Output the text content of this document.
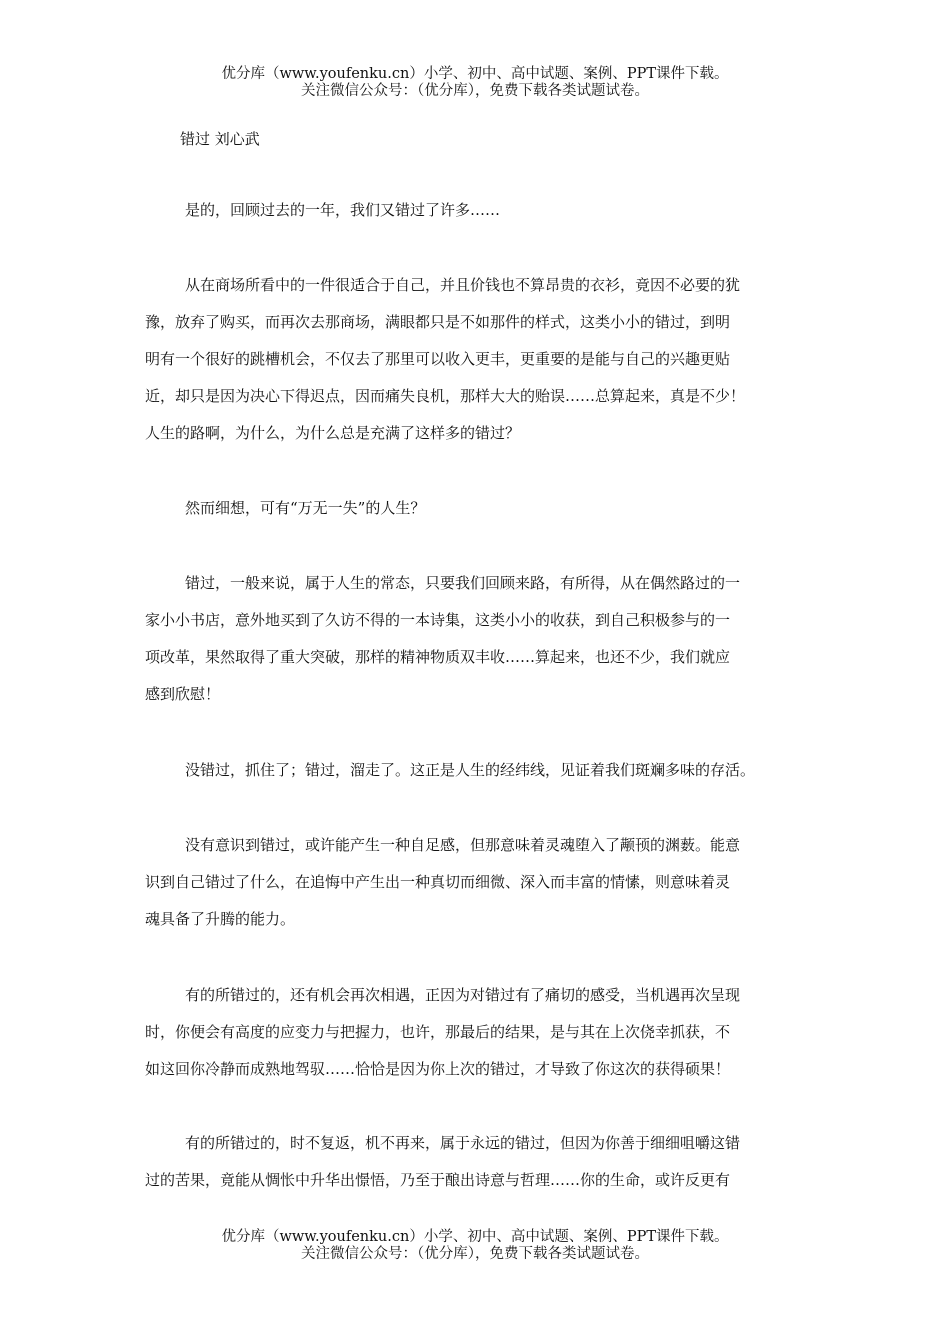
优分库（www.youfenku.cn）小学、初中、高中试题、案例、PPT课件下载。
关注微信公众号：（优分库），免费下载各类试题试卷。
错过 刘心武
是的，回顾过去的一年，我们又错过了许多……
从在商场所看中的一件很适合于自己，并且价钱也不算昂贵的衣衫，竟因不必要的犹
豫，放弃了购买，而再次去那商场，满眼都只是不如那件的样式，这类小小的错过，到明
明有一个很好的跳槽机会，不仅去了那里可以收入更丰，更重要的是能与自己的兴趣更贴
近，却只是因为决心下得迟点，因而痛失良机，那样大大的贻误……总算起来，真是不少！
人生的路啊，为什么，为什么总是充满了这样多的错过？
然而细想，可有“万无一失”的人生？
错过，一般来说，属于人生的常态，只要我们回顾来路，有所得，从在偶然路过的一
家小小书店，意外地买到了久访不得的一本诗集，这类小小的收获，到自己积极参与的一
项改革，果然取得了重大突破，那样的精神物质双丰收……算起来，也还不少，我们就应
感到欣慰！
没错过，抓住了；错过，溜走了。这正是人生的经纬线，见证着我们斑斓多味的存活。
没有意识到错过，或许能产生一种自足感，但那意味着灵魂堕入了颟顸的渊薮。能意
识到自己错过了什么，在追悔中产生出一种真切而细微、深入而丰富的情愫，则意味着灵
魂具备了升腾的能力。
有的所错过的，还有机会再次相遇，正因为对错过有了痛切的感受，当机遇再次呈现
时，你便会有高度的应变力与把握力，也许，那最后的结果，是与其在上次侥幸抓获，不
如这回你冷静而成熟地驾驭……恰恰是因为你上次的错过，才导致了你这次的获得硕果！
有的所错过的，时不复返，机不再来，属于永远的错过，但因为你善于细细咀嚼这错
过的苦果，竟能从惆怅中升华出憬悟，乃至于酿出诗意与哲理……你的生命，或许反更有
优分库（www.youfenku.cn）小学、初中、高中试题、案例、PPT课件下载。
关注微信公众号：（优分库），免费下载各类试题试卷。
